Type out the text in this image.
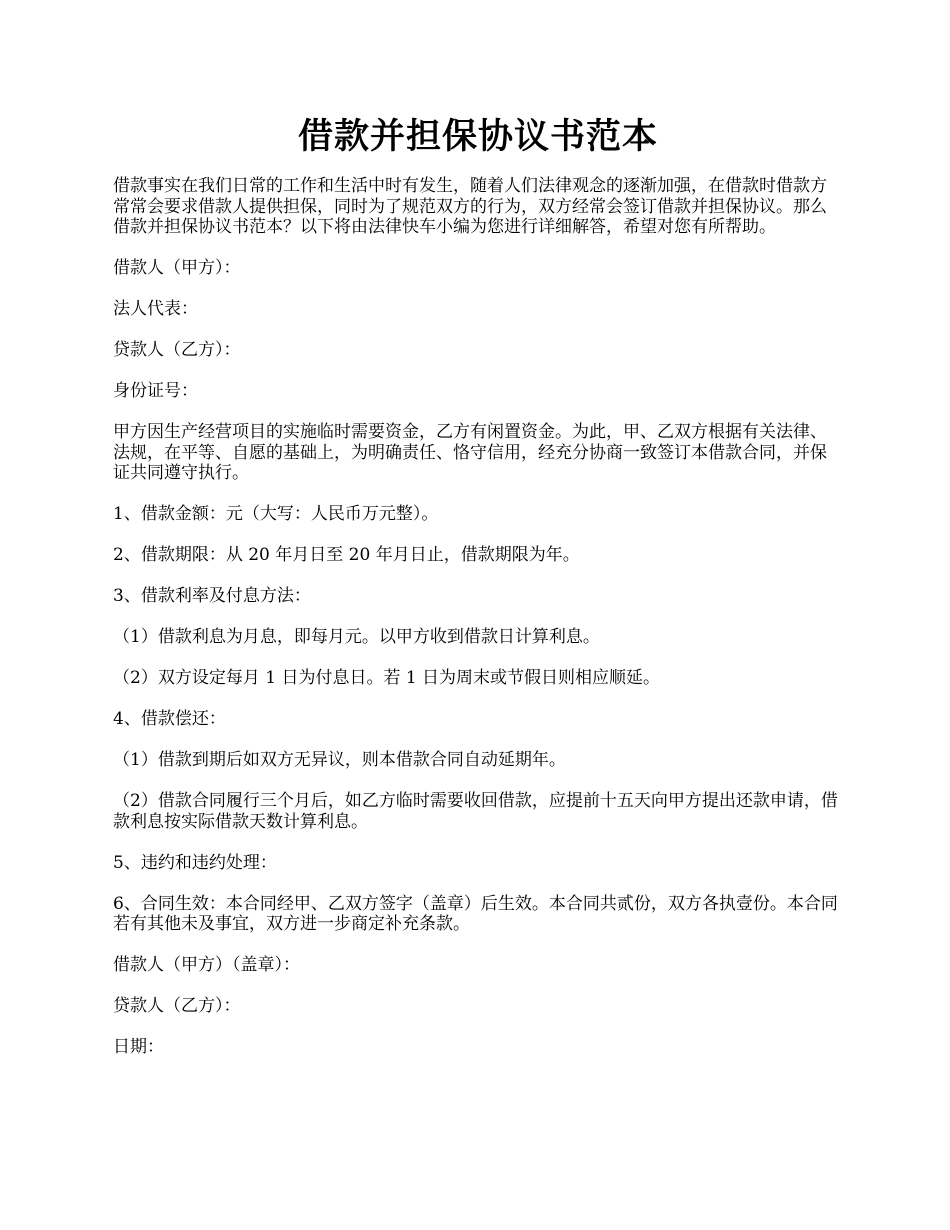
借款并担保协议书范本

借款事实在我们日常的工作和生活中时有发生，随着人们法律观念的逐渐加强，在借款时借款方常常会要求借款人提供担保，同时为了规范双方的行为，双方经常会签订借款并担保协议。那么借款并担保协议书范本？以下将由法律快车小编为您进行详细解答，希望对您有所帮助。

借款人（甲方）：

法人代表：

贷款人（乙方）：

身份证号：

甲方因生产经营项目的实施临时需要资金，乙方有闲置资金。为此，甲、乙双方根据有关法律、法规，在平等、自愿的基础上，为明确责任、恪守信用，经充分协商一致签订本借款合同，并保证共同遵守执行。

1、借款金额：元（大写：人民币万元整）。

2、借款期限：从 20 年月日至 20 年月日止，借款期限为年。

3、借款利率及付息方法：

（1）借款利息为月息，即每月元。以甲方收到借款日计算利息。

（2）双方设定每月 1 日为付息日。若 1 日为周末或节假日则相应顺延。

4、借款偿还：

（1）借款到期后如双方无异议，则本借款合同自动延期年。

（2）借款合同履行三个月后，如乙方临时需要收回借款，应提前十五天向甲方提出还款申请，借款利息按实际借款天数计算利息。

5、违约和违约处理：

6、合同生效：本合同经甲、乙双方签字（盖章）后生效。本合同共贰份，双方各执壹份。本合同若有其他未及事宜，双方进一步商定补充条款。

借款人（甲方）（盖章）：

贷款人（乙方）：

日期：
